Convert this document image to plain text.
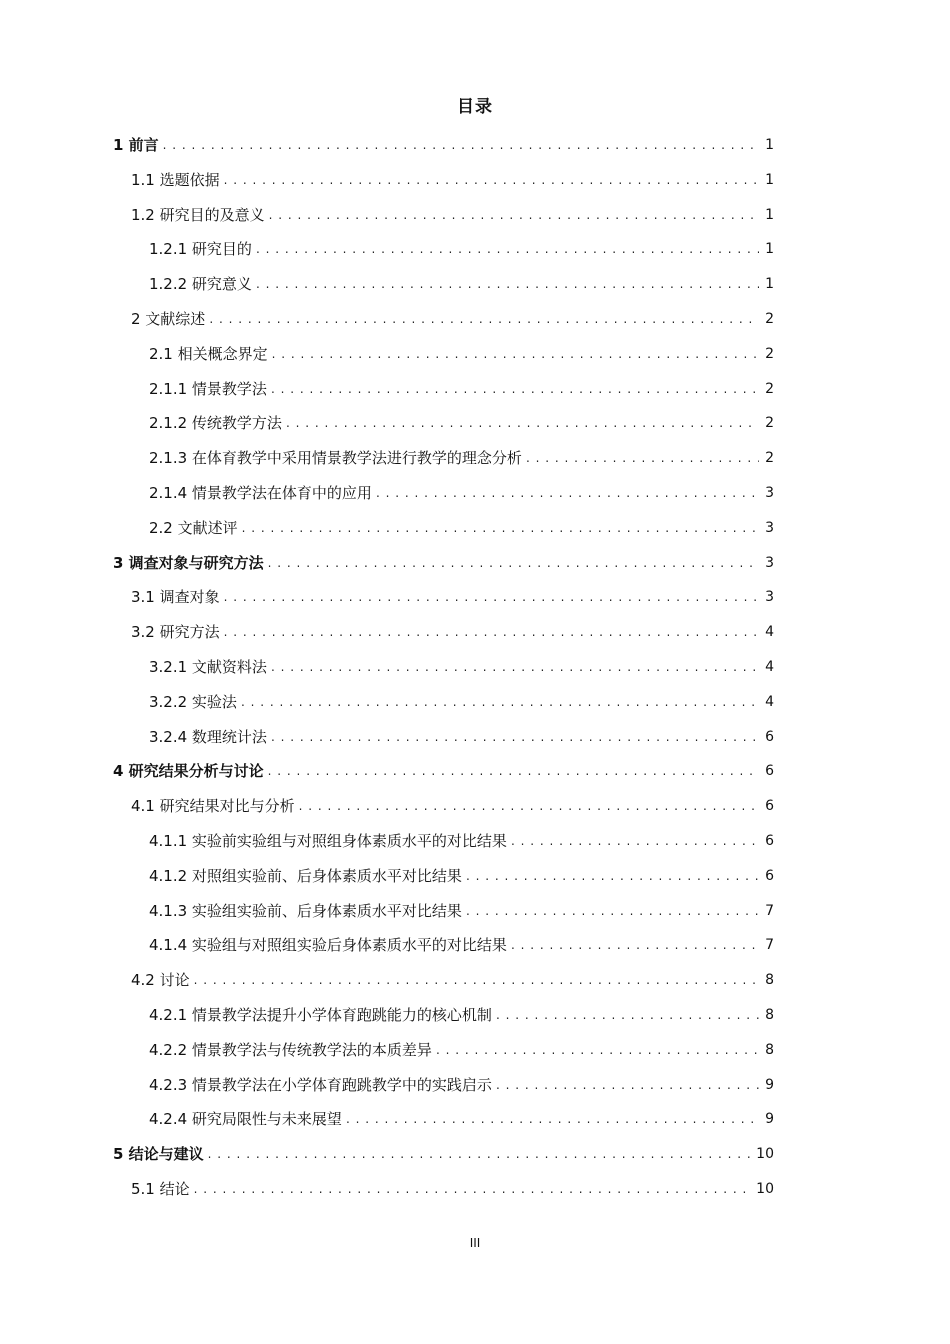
目录
1 前言 . . .	1
1.1 选题依据 . . .	1
1.2 研究目的及意义 . . .	1
1.2.1 研究目的 . . .	1
1.2.2 研究意义 . . .	1
2 文献综述 . . .	2
2.1 相关概念界定 . . .	2
2.1.1 情景教学法 . . .	2
2.1.2 传统教学方法 . . .	2
2.1.3 在体育教学中采用情景教学法进行教学的理念分析 . . .	2
2.1.4 情景教学法在体育中的应用 . . .	3
2.2 文献述评 . . .	3
3 调查对象与研究方法 . . .	3
3.1 调查对象 . . .	3
3.2 研究方法 . . .	4
3.2.1 文献资料法 . . .	4
3.2.2 实验法 . . .	4
3.2.4 数理统计法 . . .	6
4 研究结果分析与讨论 . . .	6
4.1 研究结果对比与分析 . . .	6
4.1.1 实验前实验组与对照组身体素质水平的对比结果 . . .	6
4.1.2 对照组实验前、后身体素质水平对比结果 . . .	6
4.1.3 实验组实验前、后身体素质水平对比结果 . . .	7
4.1.4 实验组与对照组实验后身体素质水平的对比结果 . . .	7
4.2 讨论 . . .	8
4.2.1 情景教学法提升小学体育跑跳能力的核心机制 . . .	8
4.2.2 情景教学法与传统教学法的本质差异 . . .	8
4.2.3 情景教学法在小学体育跑跳教学中的实践启示 . . .	9
4.2.4 研究局限性与未来展望 . . .	9
5 结论与建议 . . .	10
5.1 结论 . . .	10
III
